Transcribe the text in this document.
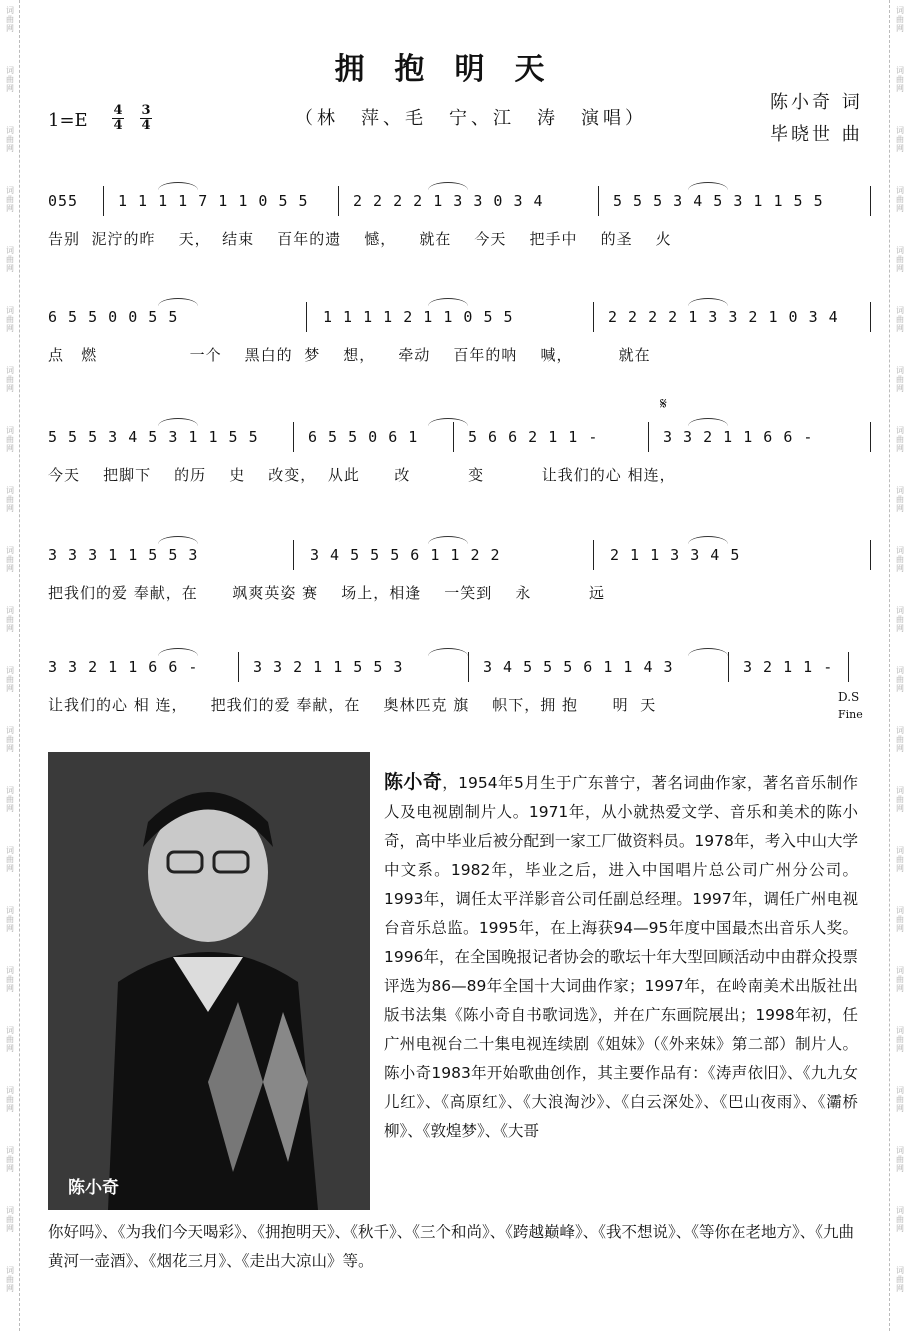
词
曲
网
词
曲
网
词
曲
网
词
曲
网
词
曲
网
词
曲
网
词
曲
网
词
曲
网
词
曲
网
词
曲
网
词
曲
网
词
曲
网
词
曲
网
词
曲
网
词
曲
网
词
曲
网
词
曲
网
词
曲
网
词
曲
网
词
曲
网
词
曲
网
词
曲
网
词
曲
网
词
曲
网
词
曲
网
词
曲
网
词
曲
网
词
曲
网
词
曲
网
词
曲
网
词
曲
网
词
曲
网
词
曲
网
词
曲
网
词
曲
网
词
曲
网
词
曲
网
词
曲
网
词
曲
网
词
曲
网
词
曲
网
词
曲
网
词
曲
网
词
曲
网
拥抱明天
$1=E \frac{4}{4} \frac{3}{4}$	（林　萍、毛　宁、江　涛　演唱）
陈小奇 词
毕晓世 曲
055	1 1 1 1 7 1 1 0 5 5	2 2 2 2 1 3 3 0 3 4	5 5 5 3 4 5 3 1 1 5 5
告别  泥泞的昨    天，  结束    百年的遗    憾，    就在    今天    把手中    的圣    火
6 5 5 0 0 5 5	1 1 1 1 2 1 1 0 5 5	2 2 2 2 1 3 3 2 1 0 3 4
点   燃                一个    黑白的  梦    想，    牵动    百年的呐    喊，        就在
5 5 5 3 4 5 3 1 1 5 5	6 5 5 0 6 1	5 6 6 2 1 1 -	3 3 2 1 1 6 6 -
今天    把脚下    的历    史    改变，  从此      改          变          让我们的心 相连，
3 3 3 1 1 5 5 3	3 4 5 5 5 6 1 1 2 2	2 1 1 3 3 4 5
把我们的爱 奉献，在      飒爽英姿 赛    场上，相逢    一笑到    永          远
3 3 2 1 1 6 6 -	3 3 2 1 1 5 5 3	3 4 5 5 5 6 1 1 4 3	3 2 1 1 -
让我们的心 相 连，    把我们的爱 奉献，在    奥林匹克 旗    帜下，拥 抱      明  天
𝄋
D.S
Fine
陈小奇
陈小奇，1954年5月生于广东普宁，著名词曲作家，著名音乐制作人及电视剧制片人。1971年，从小就热爱文学、音乐和美术的陈小奇，高中毕业后被分配到一家工厂做资料员。1978年，考入中山大学中文系。1982年，毕业之后，进入中国唱片总公司广州分公司。1993年，调任太平洋影音公司任副总经理。1997年，调任广州电视台音乐总监。1995年，在上海获94—95年度中国最杰出音乐人奖。1996年，在全国晚报记者协会的歌坛十年大型回顾活动中由群众投票评选为86—89年全国十大词曲作家；1997年，在岭南美术出版社出版书法集《陈小奇自书歌词选》，并在广东画院展出；1998年初，任广州电视台二十集电视连续剧《姐妹》（《外来妹》第二部）制片人。陈小奇1983年开始歌曲创作，其主要作品有：《涛声依旧》、《九九女儿红》、《高原红》、《大浪淘沙》、《白云深处》、《巴山夜雨》、《灞桥柳》、《敦煌梦》、《大哥
你好吗》、《为我们今天喝彩》、《拥抱明天》、《秋千》、《三个和尚》、《跨越巅峰》、《我不想说》、《等你在老地方》、《九曲黄河一壶酒》、《烟花三月》、《走出大凉山》等。
